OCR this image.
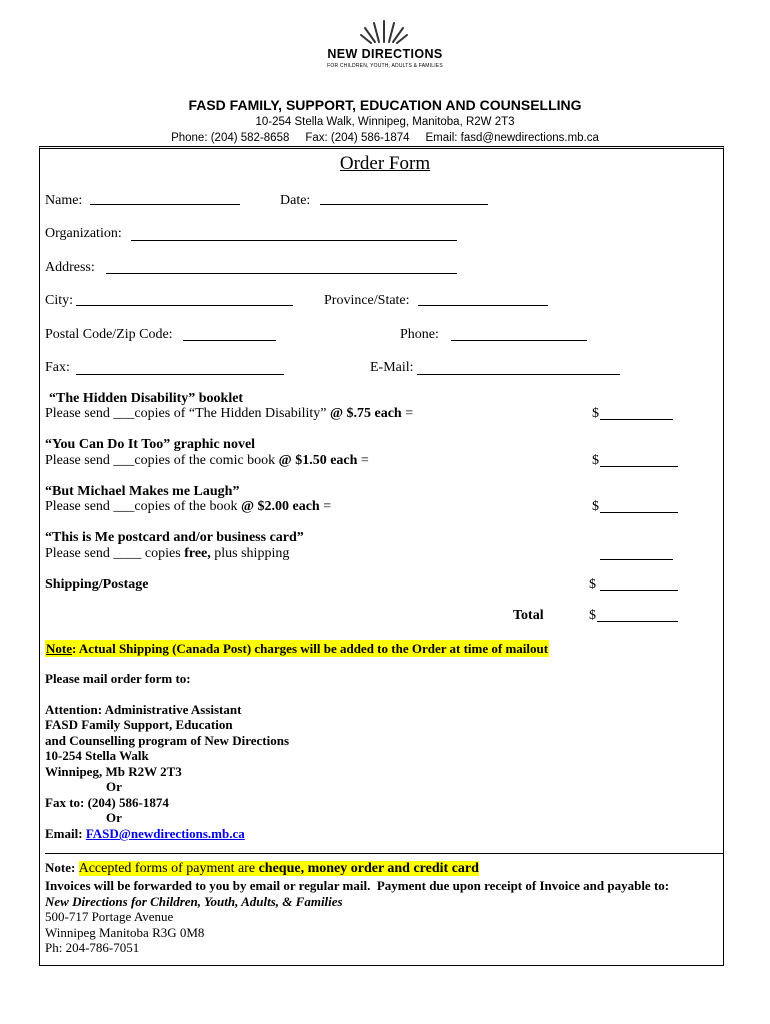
NEW DIRECTIONS
FOR CHILDREN, YOUTH, ADULTS & FAMILIES
FASD FAMILY, SUPPORT, EDUCATION AND COUNSELLING
10-254 Stella Walk, Winnipeg, Manitoba, R2W 2T3
Phone: (204) 582-8658     Fax: (204) 586-1874     Email: fasd@newdirections.mb.ca
Order Form
Name:	Date:
Organization:
Address:
City:	Province/State:
Postal Code/Zip Code:	Phone:
Fax:	E-Mail:
“The Hidden Disability” booklet
Please send ___copies of “The Hidden Disability” @ $.75 each =	$
“You Can Do It Too” graphic novel
Please send ___copies of the comic book @ $1.50 each =	$
“But Michael Makes me Laugh”
Please send ___copies of the book @ $2.00 each =	$
“This is Me postcard and/or business card”
Please send ____ copies free, plus shipping
Shipping/Postage	$
Total	$
Note: Actual Shipping (Canada Post) charges will be added to the Order at time of mailout
Please mail order form to:
Attention: Administrative Assistant
FASD Family Support, Education
and Counselling program of New Directions
10-254 Stella Walk
Winnipeg, Mb R2W 2T3
Or
Fax to: (204) 586-1874
Or
Email: FASD@newdirections.mb.ca
Note: Accepted forms of payment are cheque, money order and credit card
Invoices will be forwarded to you by email or regular mail.  Payment due upon receipt of Invoice and payable to:
New Directions for Children, Youth, Adults, & Families
500-717 Portage Avenue
Winnipeg Manitoba R3G 0M8
Ph: 204-786-7051
